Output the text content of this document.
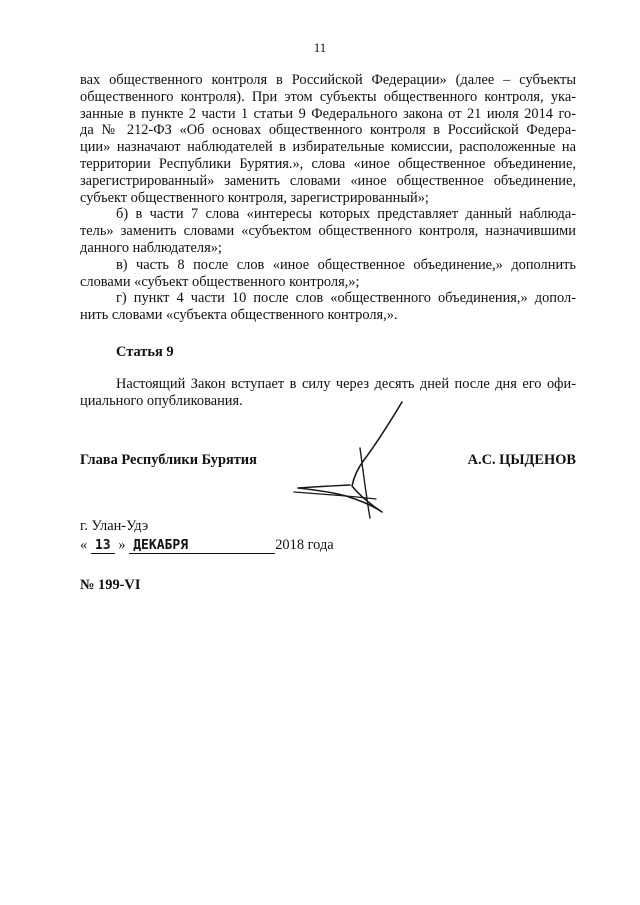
11
вах общественного контроля в Российской Федерации» (далее – субъекты
общественного контроля). При этом субъекты общественного контроля, ука-
занные в пункте 2 части 1 статьи 9 Федерального закона от 21 июля 2014 го-
да № 212-ФЗ «Об основах общественного контроля в Российской Федера-
ции» назначают наблюдателей в избирательные комиссии, расположенные на
территории Республики Бурятия.», слова «иное общественное объединение,
зарегистрированный» заменить словами «иное общественное объединение,
субъект общественного контроля, зарегистрированный»;
б) в части 7 слова «интересы которых представляет данный наблюда-
тель» заменить словами «субъектом общественного контроля, назначившими
данного наблюдателя»;
в) часть 8 после слов «иное общественное объединение,» дополнить
словами «субъект общественного контроля,»;
г) пункт 4 части 10 после слов «общественного объединения,» допол-
нить словами «субъекта общественного контроля,».
Статья 9
Настоящий Закон вступает в силу через десять дней после дня его офи-
циального опубликования.
Глава Республики Бурятия	А.С. ЦЫДЕНОВ
г. Улан-Удэ
« 13 » ДЕКАБРЯ	2018 года
№ 199-VI
